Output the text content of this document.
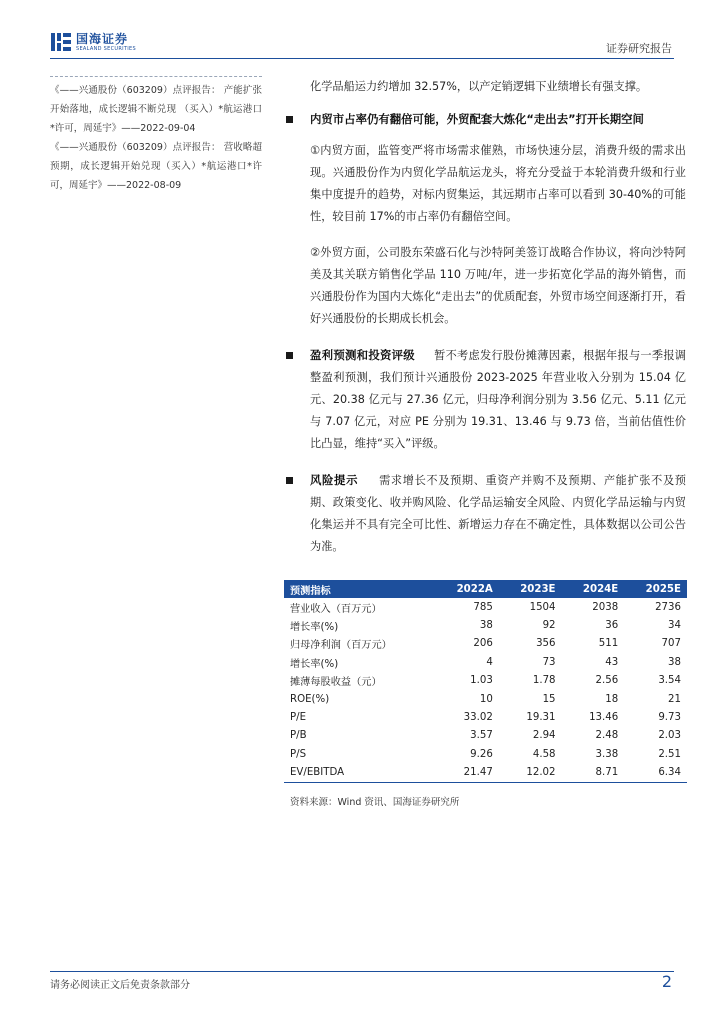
国海证券
SEALAND SECURITIES	证券研究报告

《——兴通股份（603209）点评报告： 产能扩张开始落地，成长逻辑不断兑现 （买入）*航运港口*许可，周延宇》——2022-09-04

《——兴通股份（603209）点评报告： 营收略超预期，成长逻辑开始兑现（买入）*航运港口*许可，周延宇》——2022-08-09

化学品船运力约增加 32.57%，以产定销逻辑下业绩增长有强支撑。

内贸市占率仍有翻倍可能，外贸配套大炼化“走出去”打开长期空间

①内贸方面，监管变严将市场需求催熟，市场快速分层，消费升级的需求出现。兴通股份作为内贸化学品航运龙头，将充分受益于本轮消费升级和行业集中度提升的趋势，对标内贸集运，其远期市占率可以看到 30-40%的可能性，较目前 17%的市占率仍有翻倍空间。

②外贸方面，公司股东荣盛石化与沙特阿美签订战略合作协议，将向沙特阿美及其关联方销售化学品 110 万吨/年，进一步拓宽化学品的海外销售，而兴通股份作为国内大炼化“走出去”的优质配套，外贸市场空间逐渐打开，看好兴通股份的长期成长机会。

盈利预测和投资评级 暂不考虑发行股份摊薄因素，根据年报与一季报调整盈利预测，我们预计兴通股份 2023-2025 年营业收入分别为 15.04 亿元、20.38 亿元与 27.36 亿元，归母净利润分别为 3.56 亿元、5.11 亿元与 7.07 亿元，对应 PE 分别为 19.31、13.46 与 9.73 倍，当前估值性价比凸显，维持“买入”评级。

风险提示 需求增长不及预期、重资产并购不及预期、产能扩张不及预期、政策变化、收并购风险、化学品运输安全风险、内贸化学品运输与内贸化集运并不具有完全可比性、新增运力存在不确定性，具体数据以公司公告为准。

预测指标	2022A	2023E	2024E	2025E
营业收入（百万元）	785	1504	2038	2736
增长率(%)	38	92	36	34
归母净利润（百万元）	206	356	511	707
增长率(%)	4	73	43	38
摊薄每股收益（元）	1.03	1.78	2.56	3.54
ROE(%)	10	15	18	21
P/E	33.02	19.31	13.46	9.73
P/B	3.57	2.94	2.48	2.03
P/S	9.26	4.58	3.38	2.51
EV/EBITDA	21.47	12.02	8.71	6.34
资料来源：Wind 资讯、国海证券研究所
请务必阅读正文后免责条款部分	2
